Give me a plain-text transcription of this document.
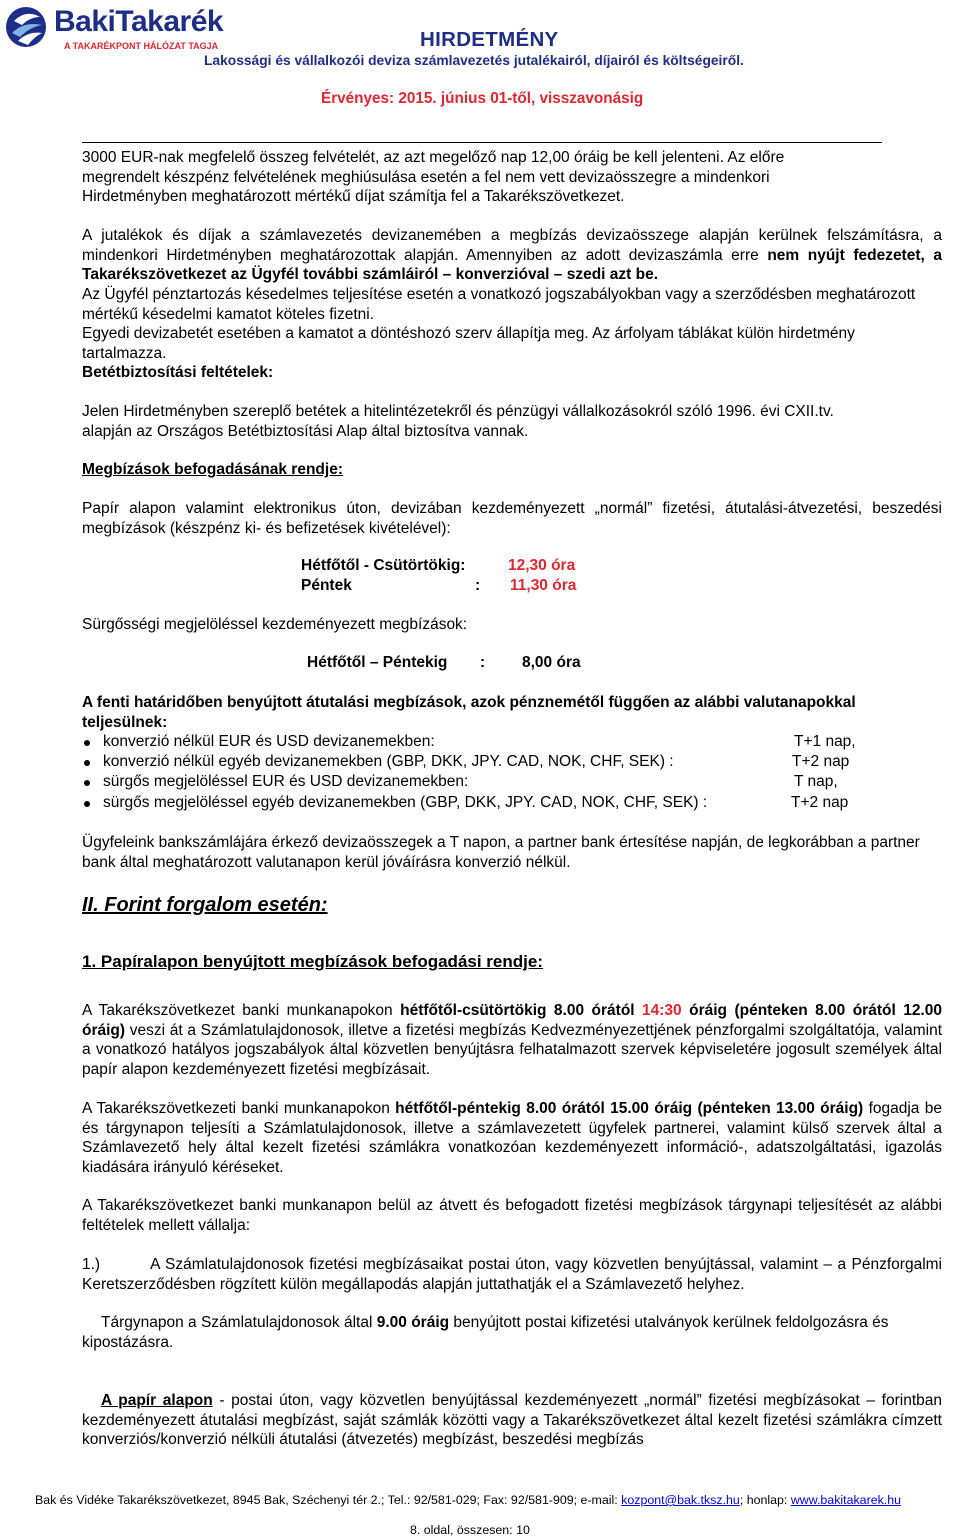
BakiTakarék
A TAKARÉKPONT HÁLÓZAT TAGJA	HIRDETMÉNY
Lakossági és vállalkozói deviza számlavezetés jutalékairól, díjairól és költségeiről.
Érvényes: 2015. június 01-től, visszavonásig
3000 EUR-nak megfelelő összeg felvételét, az azt megelőző nap 12,00 óráig be kell jelenteni. Az előre
megrendelt készpénz felvételének meghiúsulása esetén a fel nem vett devizaösszegre a mindenkori
Hirdetményben meghatározott mértékű díjat számítja fel a Takarékszövetkezet.
A jutalékok és díjak a számlavezetés devizanemében a megbízás devizaösszege alapján kerülnek felszámításra, a mindenkori Hirdetményben meghatározottak alapján. Amennyiben az adott devizaszámla erre nem nyújt fedezetet, a Takarékszövetkezet az Ügyfél további számláiról – konverzióval – szedi azt be.
Az Ügyfél pénztartozás késedelmes teljesítése esetén a vonatkozó jogszabályokban vagy a szerződésben meghatározott mértékű késedelmi kamatot köteles fizetni.
Egyedi devizabetét esetében a kamatot a döntéshozó szerv állapítja meg. Az árfolyam táblákat külön hirdetmény tartalmazza.
Betétbiztosítási feltételek:
Jelen Hirdetményben szereplő betétek a hitelintézetekről és pénzügyi vállalkozásokról szóló 1996. évi CXII.tv.
alapján az Országos Betétbiztosítási Alap által biztosítva vannak.
Megbízások befogadásának rendje:
Papír alapon valamint elektronikus úton, devizában kezdeményezett „normál” fizetési, átutalási-átvezetési, beszedési megbízások (készpénz ki- és befizetések kivételével):
Hétfőtől - Csütörtökig:	12,30 óra
Péntek	: 11,30 óra
Sürgősségi megjelöléssel kezdeményezett megbízások:
Hétfőtől – Péntekig : 8,00 óra
A fenti határidőben benyújtott átutalási megbízások, azok pénznemétől függően az alábbi valutanapokkal teljesülnek:
konverzió nélkül EUR és USD devizanemekben:	T+1 nap,
konverzió nélkül egyéb devizanemekben (GBP, DKK, JPY. CAD, NOK, CHF, SEK) :	T+2 nap
sürgős megjelöléssel EUR és USD devizanemekben:	T nap,
sürgős megjelöléssel egyéb devizanemekben (GBP, DKK, JPY. CAD, NOK, CHF, SEK) :	T+2 nap
Ügyfeleink bankszámlájára érkező devizaösszegek a T napon, a partner bank értesítése napján, de legkorábban a partner bank által meghatározott valutanapon kerül jóváírásra konverzió nélkül.
II. Forint forgalom esetén:
1. Papíralapon benyújtott megbízások befogadási rendje:
A Takarékszövetkezet banki munkanapokon hétfőtől-csütörtökig 8.00 órától 14:30 óráig (pénteken 8.00 órától 12.00 óráig) veszi át a Számlatulajdonosok, illetve a fizetési megbízás Kedvezményezettjének pénzforgalmi szolgáltatója, valamint a vonatkozó hatályos jogszabályok által közvetlen benyújtásra felhatalmazott szervek képviseletére jogosult személyek által papír alapon kezdeményezett fizetési megbízásait.
A Takarékszövetkezeti banki munkanapokon hétfőtől-péntekig 8.00 órától 15.00 óráig (pénteken 13.00 óráig) fogadja be és tárgynapon teljesíti a Számlatulajdonosok, illetve a számlavezetett ügyfelek partnerei, valamint külső szervek által a Számlavezető hely által kezelt fizetési számlákra vonatkozóan kezdeményezett információ-, adatszolgáltatási, igazolás kiadására irányuló kéréseket.
A Takarékszövetkezet banki munkanapon belül az átvett és befogadott fizetési megbízások tárgynapi teljesítését az alábbi feltételek mellett vállalja:
1.)	A Számlatulajdonosok fizetési megbízásaikat postai úton, vagy közvetlen benyújtással, valamint – a Pénzforgalmi Keretszerződésben rögzített külön megállapodás alapján juttathatják el a Számlavezető helyhez.
Tárgynapon a Számlatulajdonosok által 9.00 óráig benyújtott postai kifizetési utalványok kerülnek feldolgozásra és kipostázásra.
A papír alapon - postai úton, vagy közvetlen benyújtással kezdeményezett „normál” fizetési megbízásokat – forintban kezdeményezett átutalási megbízást, saját számlák közötti vagy a Takarékszövetkezet által kezelt fizetési számlákra címzett konverziós/konverzió nélküli átutalási (átvezetés) megbízást, beszedési megbízás
Bak és Vidéke Takarékszövetkezet, 8945 Bak, Széchenyi tér 2.; Tel.: 92/581-029; Fax: 92/581-909; e-mail: kozpont@bak.tksz.hu; honlap: www.bakitakarek.hu
8. oldal, összesen: 10
